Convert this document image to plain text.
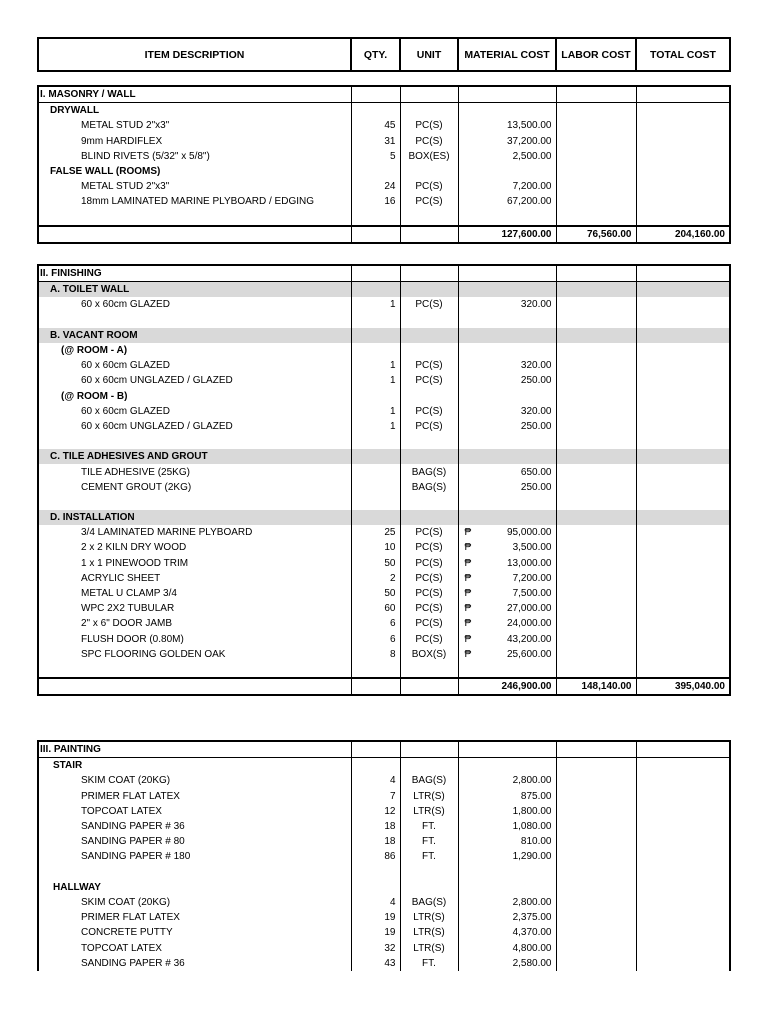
ITEM DESCRIPTION	QTY.	UNIT	MATERIAL COST	LABOR COST	TOTAL COST
I. MASONRY / WALL					
DRYWALL					
METAL STUD 2"x3"	45	PC(S)	13,500.00		
9mm HARDIFLEX	31	PC(S)	37,200.00		
BLIND RIVETS (5/32" x 5/8")	5	BOX(ES)	2,500.00		
FALSE WALL (ROOMS)					
METAL STUD 2"x3"	24	PC(S)	7,200.00		
18mm LAMINATED MARINE PLYBOARD / EDGING	16	PC(S)	67,200.00		

			127,600.00	76,560.00	204,160.00
II. FINISHING					
A. TOILET WALL					
60 x 60cm GLAZED	1	PC(S)	320.00		

B. VACANT ROOM					
(@ ROOM - A)					
60 x 60cm GLAZED	1	PC(S)	320.00		
60 x 60cm UNGLAZED / GLAZED	1	PC(S)	250.00		
(@ ROOM - B)					
60 x 60cm GLAZED	1	PC(S)	320.00		
60 x 60cm UNGLAZED / GLAZED	1	PC(S)	250.00		

C. TILE ADHESIVES AND GROUT					
TILE ADHESIVE (25KG)		BAG(S)	650.00		
CEMENT GROUT (2KG)		BAG(S)	250.00		

D. INSTALLATION					
3/4 LAMINATED MARINE PLYBOARD	25	PC(S)	₱ 95,000.00		
2 x 2 KILN DRY WOOD	10	PC(S)	₱ 3,500.00		
1 x 1 PINEWOOD TRIM	50	PC(S)	₱ 13,000.00		
ACRYLIC SHEET	2	PC(S)	₱ 7,200.00		
METAL U CLAMP 3/4	50	PC(S)	₱ 7,500.00		
WPC 2X2 TUBULAR	60	PC(S)	₱ 27,000.00		
2" x 6" DOOR JAMB	6	PC(S)	₱ 24,000.00		
FLUSH DOOR (0.80M)	6	PC(S)	₱ 43,200.00		
SPC FLOORING GOLDEN OAK	8	BOX(S)	₱ 25,600.00		

			246,900.00	148,140.00	395,040.00
III. PAINTING					
STAIR					
SKIM COAT (20KG)	4	BAG(S)	2,800.00		
PRIMER FLAT LATEX	7	LTR(S)	875.00		
TOPCOAT LATEX	12	LTR(S)	1,800.00		
SANDING PAPER # 36	18	FT.	1,080.00		
SANDING PAPER # 80	18	FT.	810.00		
SANDING PAPER # 180	86	FT.	1,290.00		

HALLWAY					
SKIM COAT (20KG)	4	BAG(S)	2,800.00		
PRIMER FLAT LATEX	19	LTR(S)	2,375.00		
CONCRETE PUTTY	19	LTR(S)	4,370.00		
TOPCOAT LATEX	32	LTR(S)	4,800.00		
SANDING PAPER # 36	43	FT.	2,580.00		
